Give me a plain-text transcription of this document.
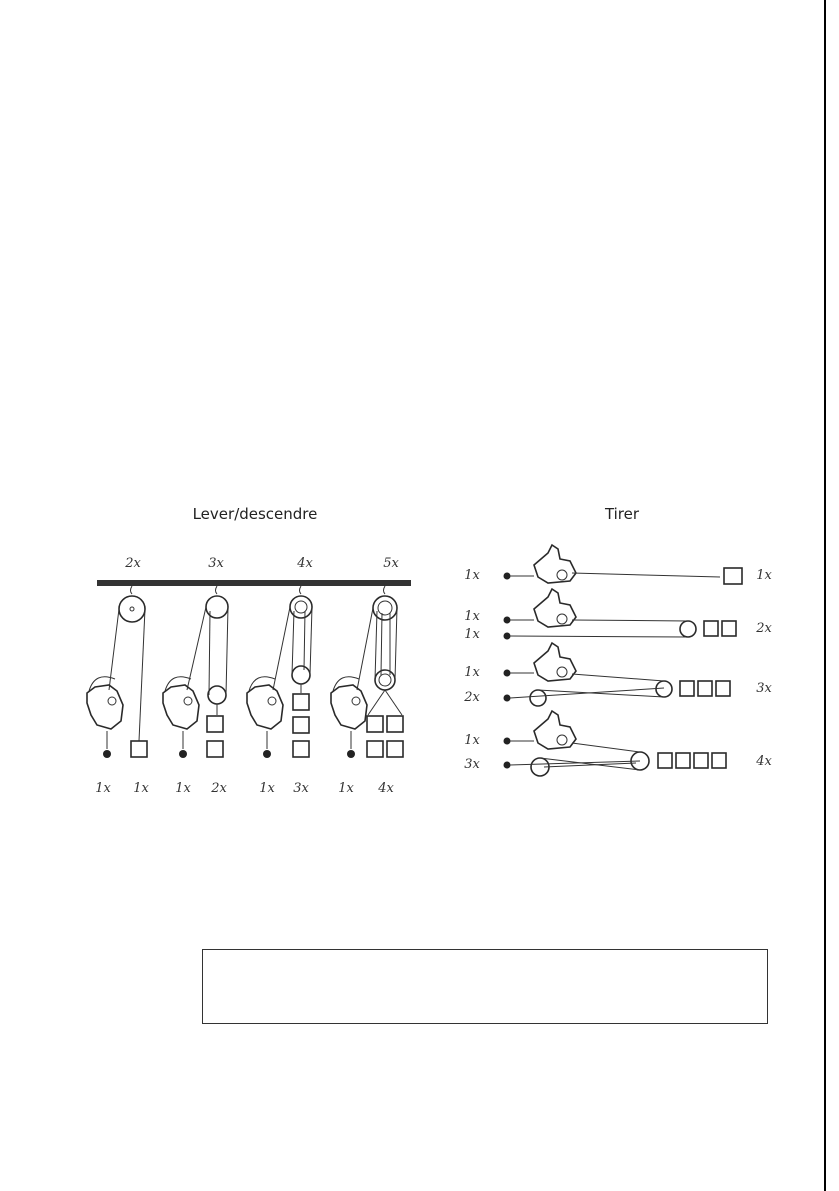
Lever/descendre
2x	3x	4x	5x
1x 1x 1x 2x 1x 3x 1x 4x
Tirer
1x	1x
1x
1x	2x
1x
2x
3x
1x
3x	4x
